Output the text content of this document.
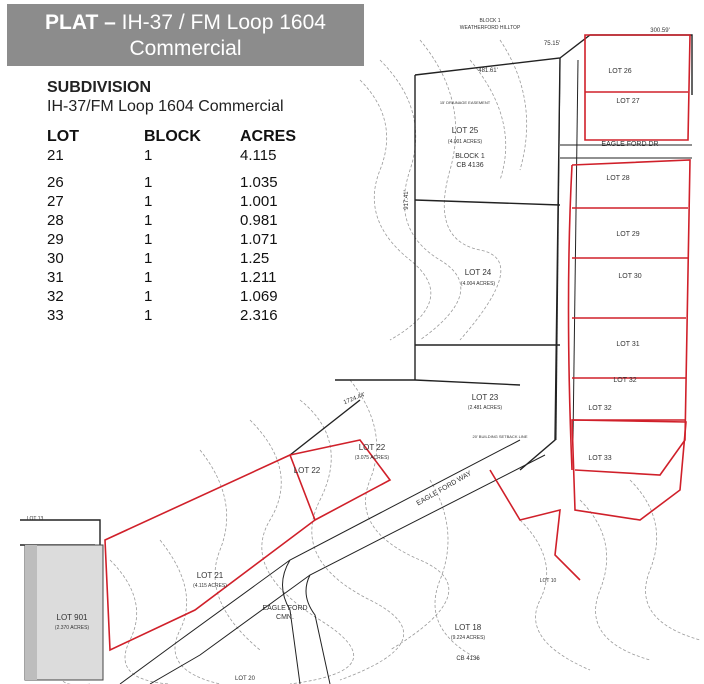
LOT 25
(4.001 ACRES)
BLOCK 1
CB 4136
LOT 24
(4.004 ACRES)
LOT 23
(2.481 ACRES)
LOT 22
(3.075 ACRES)
LOT 22
LOT 21
(4.115 ACRES)
LOT 901
(2.370 ACRES)
LOT 26
LOT 27
EAGLE FORD DR
LOT 28
LOT 29
LOT 30
LOT 31
LOT 32
LOT 32
LOT 33
EAGLE FORD WAY
EAGLE FORD
CMN.
LOT 18
(9.224 ACRES)
CB 4136
BLOCK 1
WEATHERFORD HILLTOP
481.61'
917.41'
75.15'
300.59'
1724.44'
LOT 13
LOT 10
LOT 20
15' DRAINAGE EASEMENT
20' BUILDING SETBACK LINE
PLAT – IH-37 / FM Loop 1604
Commercial
SUBDIVISION
IH-37/FM Loop 1604 Commercial
LOT	BLOCK	ACRES
21	1	4.115
26	1	1.035
27	1	1.001
28	1	0.981
29	1	1.071
30	1	1.25
31	1	1.211
32	1	1.069
33	1	2.316
